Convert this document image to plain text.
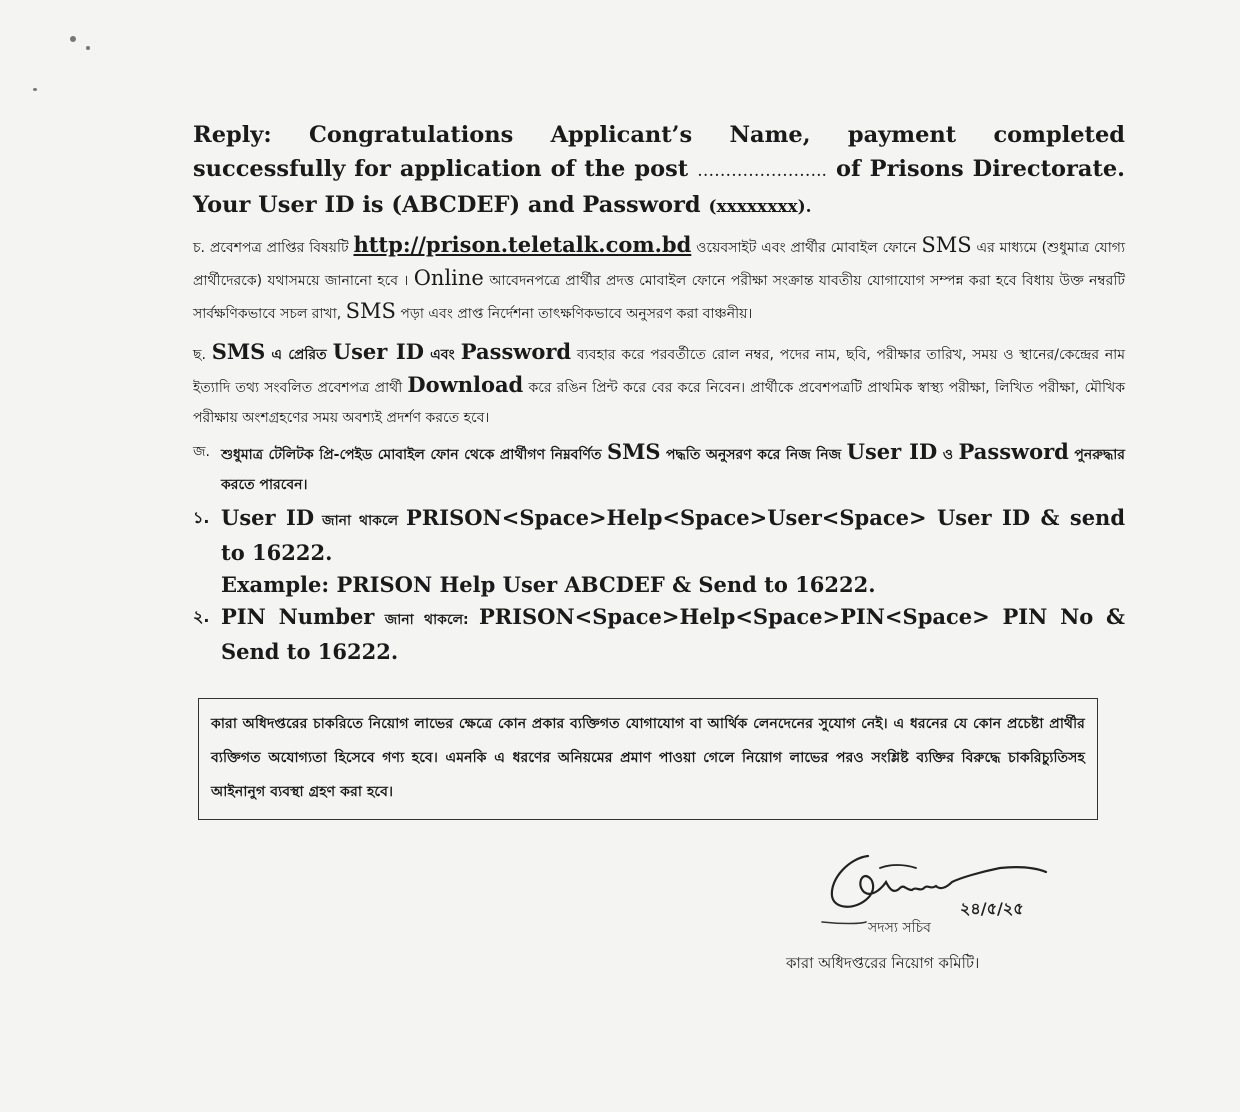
Reply: Congratulations Applicant’s Name, payment completed successfully for application of the post ………………….. of Prisons Directorate. Your User ID is (ABCDEF) and Password (xxxxxxxx).

চ. প্রবেশপত্র প্রাপ্তির বিষয়টি http://prison.teletalk.com.bd ওয়েবসাইট এবং প্রার্থীর মোবাইল ফোনে SMS এর মাধ্যমে (শুধুমাত্র যোগ্য প্রার্থীদেরকে) যথাসময়ে জানানো হবে । Online আবেদনপত্রে প্রার্থীর প্রদত্ত মোবাইল ফোনে পরীক্ষা সংক্রান্ত যাবতীয় যোগাযোগ সম্পন্ন করা হবে বিধায় উক্ত নম্বরটি সার্বক্ষণিকভাবে সচল রাখা, SMS পড়া এবং প্রাপ্ত নির্দেশনা তাৎক্ষণিকভাবে অনুসরণ করা বাঞ্চনীয়।

ছ. SMS এ প্রেরিত User ID এবং Password ব্যবহার করে পরবর্তীতে রোল নম্বর, পদের নাম, ছবি, পরীক্ষার তারিখ, সময় ও স্থানের/কেন্দ্রের নাম ইত্যাদি তথ্য সংবলিত প্রবেশপত্র প্রার্থী Download করে রঙিন প্রিন্ট করে বের করে নিবেন। প্রার্থীকে প্রবেশপত্রটি প্রাথমিক স্বাস্থ্য পরীক্ষা, লিখিত পরীক্ষা, মৌখিক পরীক্ষায় অংশগ্রহণের সময় অবশ্যই প্রদর্শণ করতে হবে।

জ. শুধুমাত্র টেলিটক প্রি-পেইড মোবাইল ফোন থেকে প্রার্থীগণ নিম্নবর্ণিত SMS পদ্ধতি অনুসরণ করে নিজ নিজ User ID ও Password পুনরুদ্ধার করতে পারবেন।
১. User ID জানা থাকলে PRISON<Space>Help<Space>User<Space> User ID & send to 16222.
Example: PRISON Help User ABCDEF & Send to 16222.
২. PIN Number জানা থাকলে: PRISON<Space>Help<Space>PIN<Space> PIN No & Send to 16222.
কারা অধিদপ্তরের চাকরিতে নিয়োগ লাভের ক্ষেত্রে কোন প্রকার ব্যক্তিগত যোগাযোগ বা আর্থিক লেনদেনের সুযোগ নেই। এ ধরনের যে কোন প্রচেষ্টা প্রার্থীর ব্যক্তিগত অযোগ্যতা হিসেবে গণ্য হবে। এমনকি এ ধরণের অনিয়মের প্রমাণ পাওয়া গেলে নিয়োগ লাভের পরও সংশ্লিষ্ট ব্যক্তির বিরুদ্ধে চাকরিচ্যুতিসহ আইনানুগ ব্যবস্থা গ্রহণ করা হবে।
২৪/৫/২৫
সদস্য সচিব
কারা অধিদপ্তরের নিয়োগ কমিটি।
